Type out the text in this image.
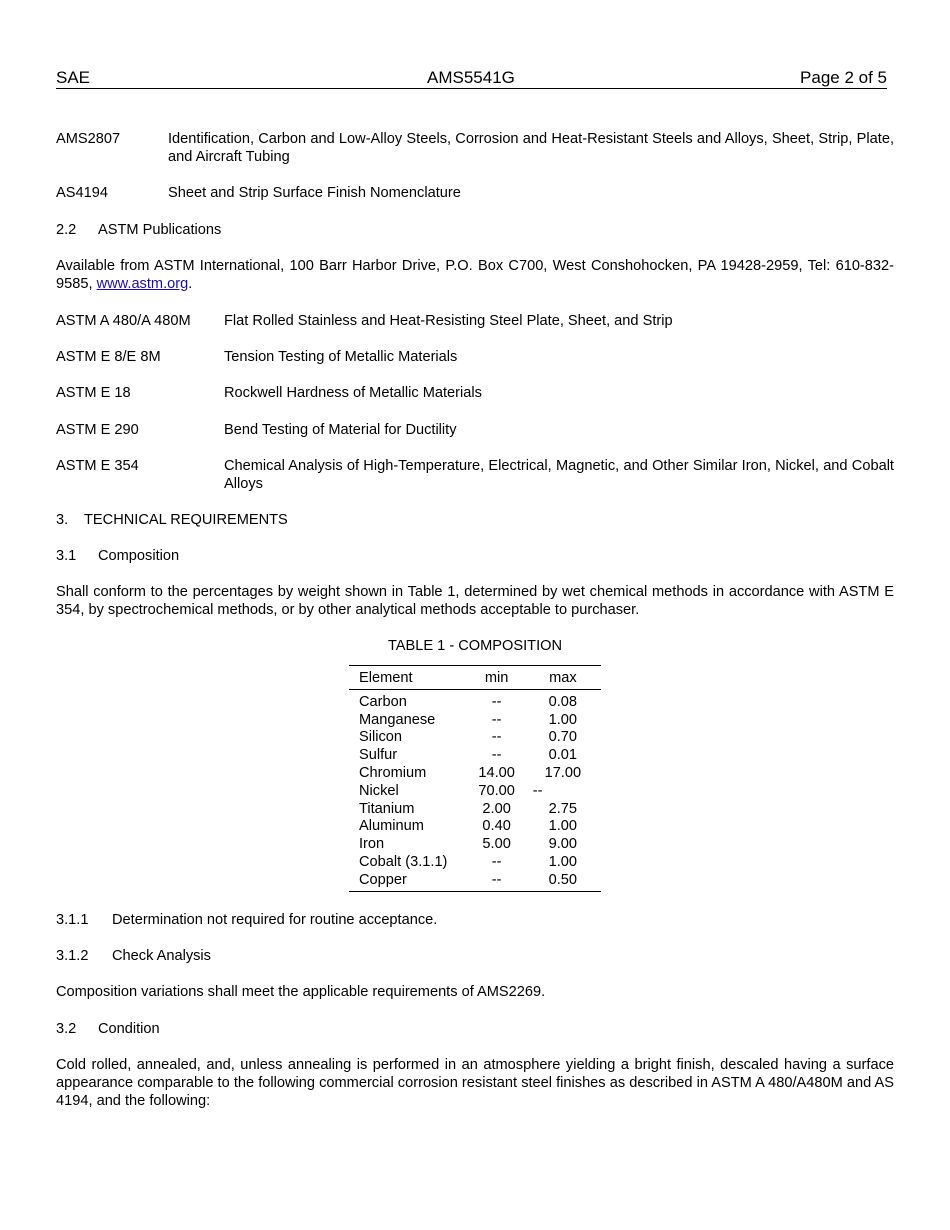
SAE	AMS5541G	Page 2 of 5
AMS2807	Identification, Carbon and Low-Alloy Steels, Corrosion and Heat-Resistant Steels and Alloys, Sheet, Strip, Plate, and Aircraft Tubing
AS4194	Sheet and Strip Surface Finish Nomenclature
2.2 ASTM Publications

Available from ASTM International, 100 Barr Harbor Drive, P.O. Box C700, West Conshohocken, PA 19428-2959, Tel: 610-832-9585, www.astm.org.

ASTM A 480/A 480M	Flat Rolled Stainless and Heat-Resisting Steel Plate, Sheet, and Strip
ASTM E 8/E 8M	Tension Testing of Metallic Materials
ASTM E 18	Rockwell Hardness of Metallic Materials
ASTM E 290	Bend Testing of Material for Ductility
ASTM E 354	Chemical Analysis of High-Temperature, Electrical, Magnetic, and Other Similar Iron, Nickel, and Cobalt Alloys
3. TECHNICAL REQUIREMENTS
3.1 Composition

Shall conform to the percentages by weight shown in Table 1, determined by wet chemical methods in accordance with ASTM E 354, by spectrochemical methods, or by other analytical methods acceptable to purchaser.

TABLE 1 - COMPOSITION

Element	min	max
Carbon	--	0.08
Manganese	--	1.00
Silicon	--	0.70
Sulfur	--	0.01
Chromium	14.00	17.00
Nickel	70.00	--
Titanium	2.00	2.75
Aluminum	0.40	1.00
Iron	5.00	9.00
Cobalt (3.1.1)	--	1.00
Copper	--	0.50
3.1.1 Determination not required for routine acceptance.
3.1.2 Check Analysis

Composition variations shall meet the applicable requirements of AMS2269.

3.2 Condition

Cold rolled, annealed, and, unless annealing is performed in an atmosphere yielding a bright finish, descaled having a surface appearance comparable to the following commercial corrosion resistant steel finishes as described in ASTM A 480/A480M and AS 4194, and the following:
